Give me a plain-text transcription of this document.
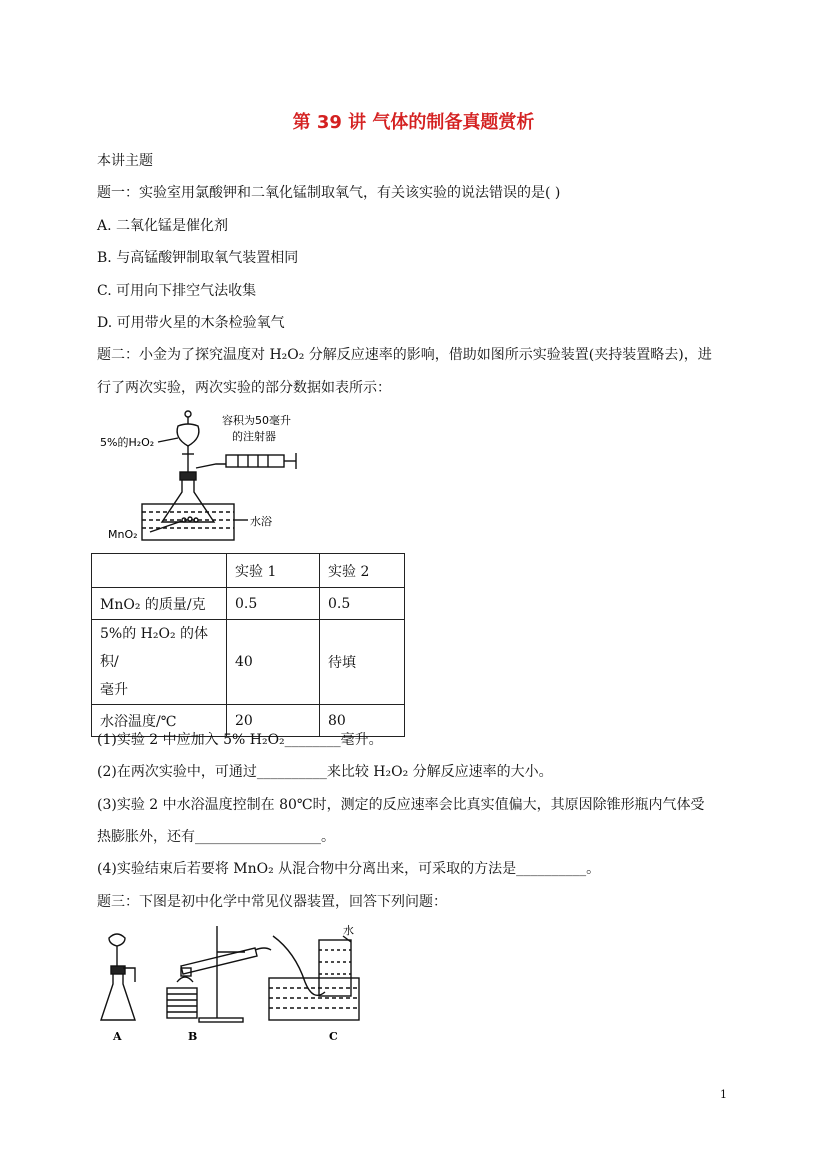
第 39 讲 气体的制备真题赏析
本讲主题
题一：实验室用氯酸钾和二氧化锰制取氧气，有关该实验的说法错误的是( )
A. 二氧化锰是催化剂
B. 与高锰酸钾制取氧气装置相同
C. 可用向下排空气法收集
D. 可用带火星的木条检验氧气
题二：小金为了探究温度对 H₂O₂ 分解反应速率的影响，借助如图所示实验装置(夹持装置略去)，进
行了两次实验，两次实验的部分数据如表所示：
5%的H₂O₂
容积为50毫升
的注射器
MnO₂
水浴
	实验 1	实验 2
MnO₂ 的质量/克	0.5	0.5

5%的 H₂O₂ 的体积/
毫升	40	待填
水浴温度/℃	20	80
(1)实验 2 中应加入 5% H₂O₂________毫升。
(2)在两次实验中，可通过__________来比较 H₂O₂ 分解反应速率的大小。
(3)实验 2 中水浴温度控制在 80℃时，测定的反应速率会比真实值偏大，其原因除锥形瓶内气体受
热膨胀外，还有__________________。
(4)实验结束后若要将 MnO₂ 从混合物中分离出来，可采取的方法是__________。
题三：下图是初中化学中常见仪器装置，回答下列问题：
A	B	C
水
1
